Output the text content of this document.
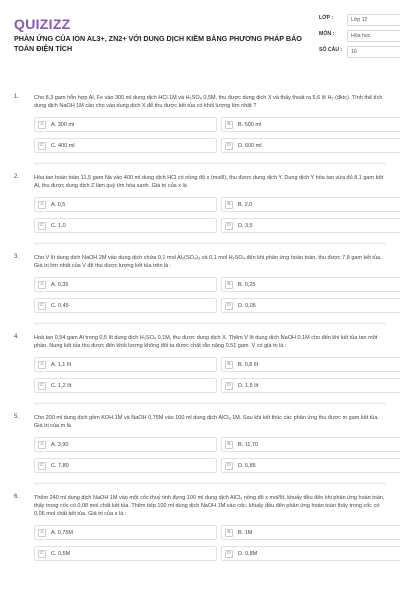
QUIZIZZ
PHẢN ỨNG CỦA ION AL3+, ZN2+ VỚI DUNG DỊCH KIỀM BẰNG PHƯƠNG PHÁP BẢO TOÀN ĐIỆN TÍCH
LỚP :	Lớp 12
MÔN :	Hóa học
SỐ CÂU :	16
1.	Cho 8,3 gam hỗn hợp Al, Fe vào 300 ml dung dịch HCl 1M và H₂SO₄ 0,5M, thu được dung dịch X và thấy thoát ra 5,6 lít H₂ (đktc). Tính thể tích dung dịch NaOH 1M cần cho vào dung dịch X để thu được kết tủa có khối lượng lớn nhất ?
A	A. 300 ml	B	B. 500 ml
C	C. 400 ml	D	D. 600 ml
2.	Hòa tan hoàn toàn 11,5 gam Na vào 400 ml dung dịch HCl có nồng độ x (mol/l), thu được dung dịch Y. Dung dịch Y hòa tan vừa đủ 8,1 gam bột Al, thu được dung dịch Z làm quỳ tím hóa xanh. Giá trị của x là
A	A. 0,5	B	B. 2,0
C	C. 1,0	D	D. 3,5
3.	Cho V lít dung dịch NaOH 2M vào dung dịch chứa 0,1 mol Al₂(SO₄)₃ và 0,1 mol H₂SO₄ đến khi phản ứng hoàn toàn, thu được 7,8 gam kết tủa. Giá trị lớn nhất của V để thu được lượng kết tủa trên là :
A	A. 0,35	B	B. 0,25
C	C. 0,45	D	D. 0,05
4.	Hoà tan 0,54 gam Al trong 0,5 lít dung dịch H₂SO₄ 0,1M, thu được dung dịch X. Thêm V lít dung dịch NaOH 0,1M cho đến khi kết tủa tan một phần. Nung kết tủa thu được đến khối lượng không đổi ta được chất rắn nặng 0,51 gam. V có giá trị là :
A	A. 1,1 lít	B	B. 0,8 lít
C	C. 1,2 lít	D	D. 1,5 lít
5.	Cho 200 ml dung dịch gồm KOH 1M và NaOH 0,75M vào 100 ml dung dịch AlCl₃ 1M. Sau khi kết thúc các phản ứng thu được m gam kết tủa. Giá trị của m là
A	A. 3,90	B	B. 11,70
C	C. 7,80	D	D. 5,85
6.	Thêm 240 ml dung dịch NaOH 1M vào một cốc thuỷ tinh đựng 100 ml dung dịch AlCl₃ nồng độ x mol/lít, khuấy đều đến khi phản ứng hoàn toàn, thấy trong cốc có 0,08 mol chất kết tủa. Thêm tiếp 100 ml dung dịch NaOH 1M vào cốc, khuấy đều đến phản ứng hoàn toàn thấy trong cốc có 0,06 mol chất kết tủa. Giá trị của x là :
A	A. 0,75M	B	B. 1M
C	C. 0,5M	D	D. 0,8M
